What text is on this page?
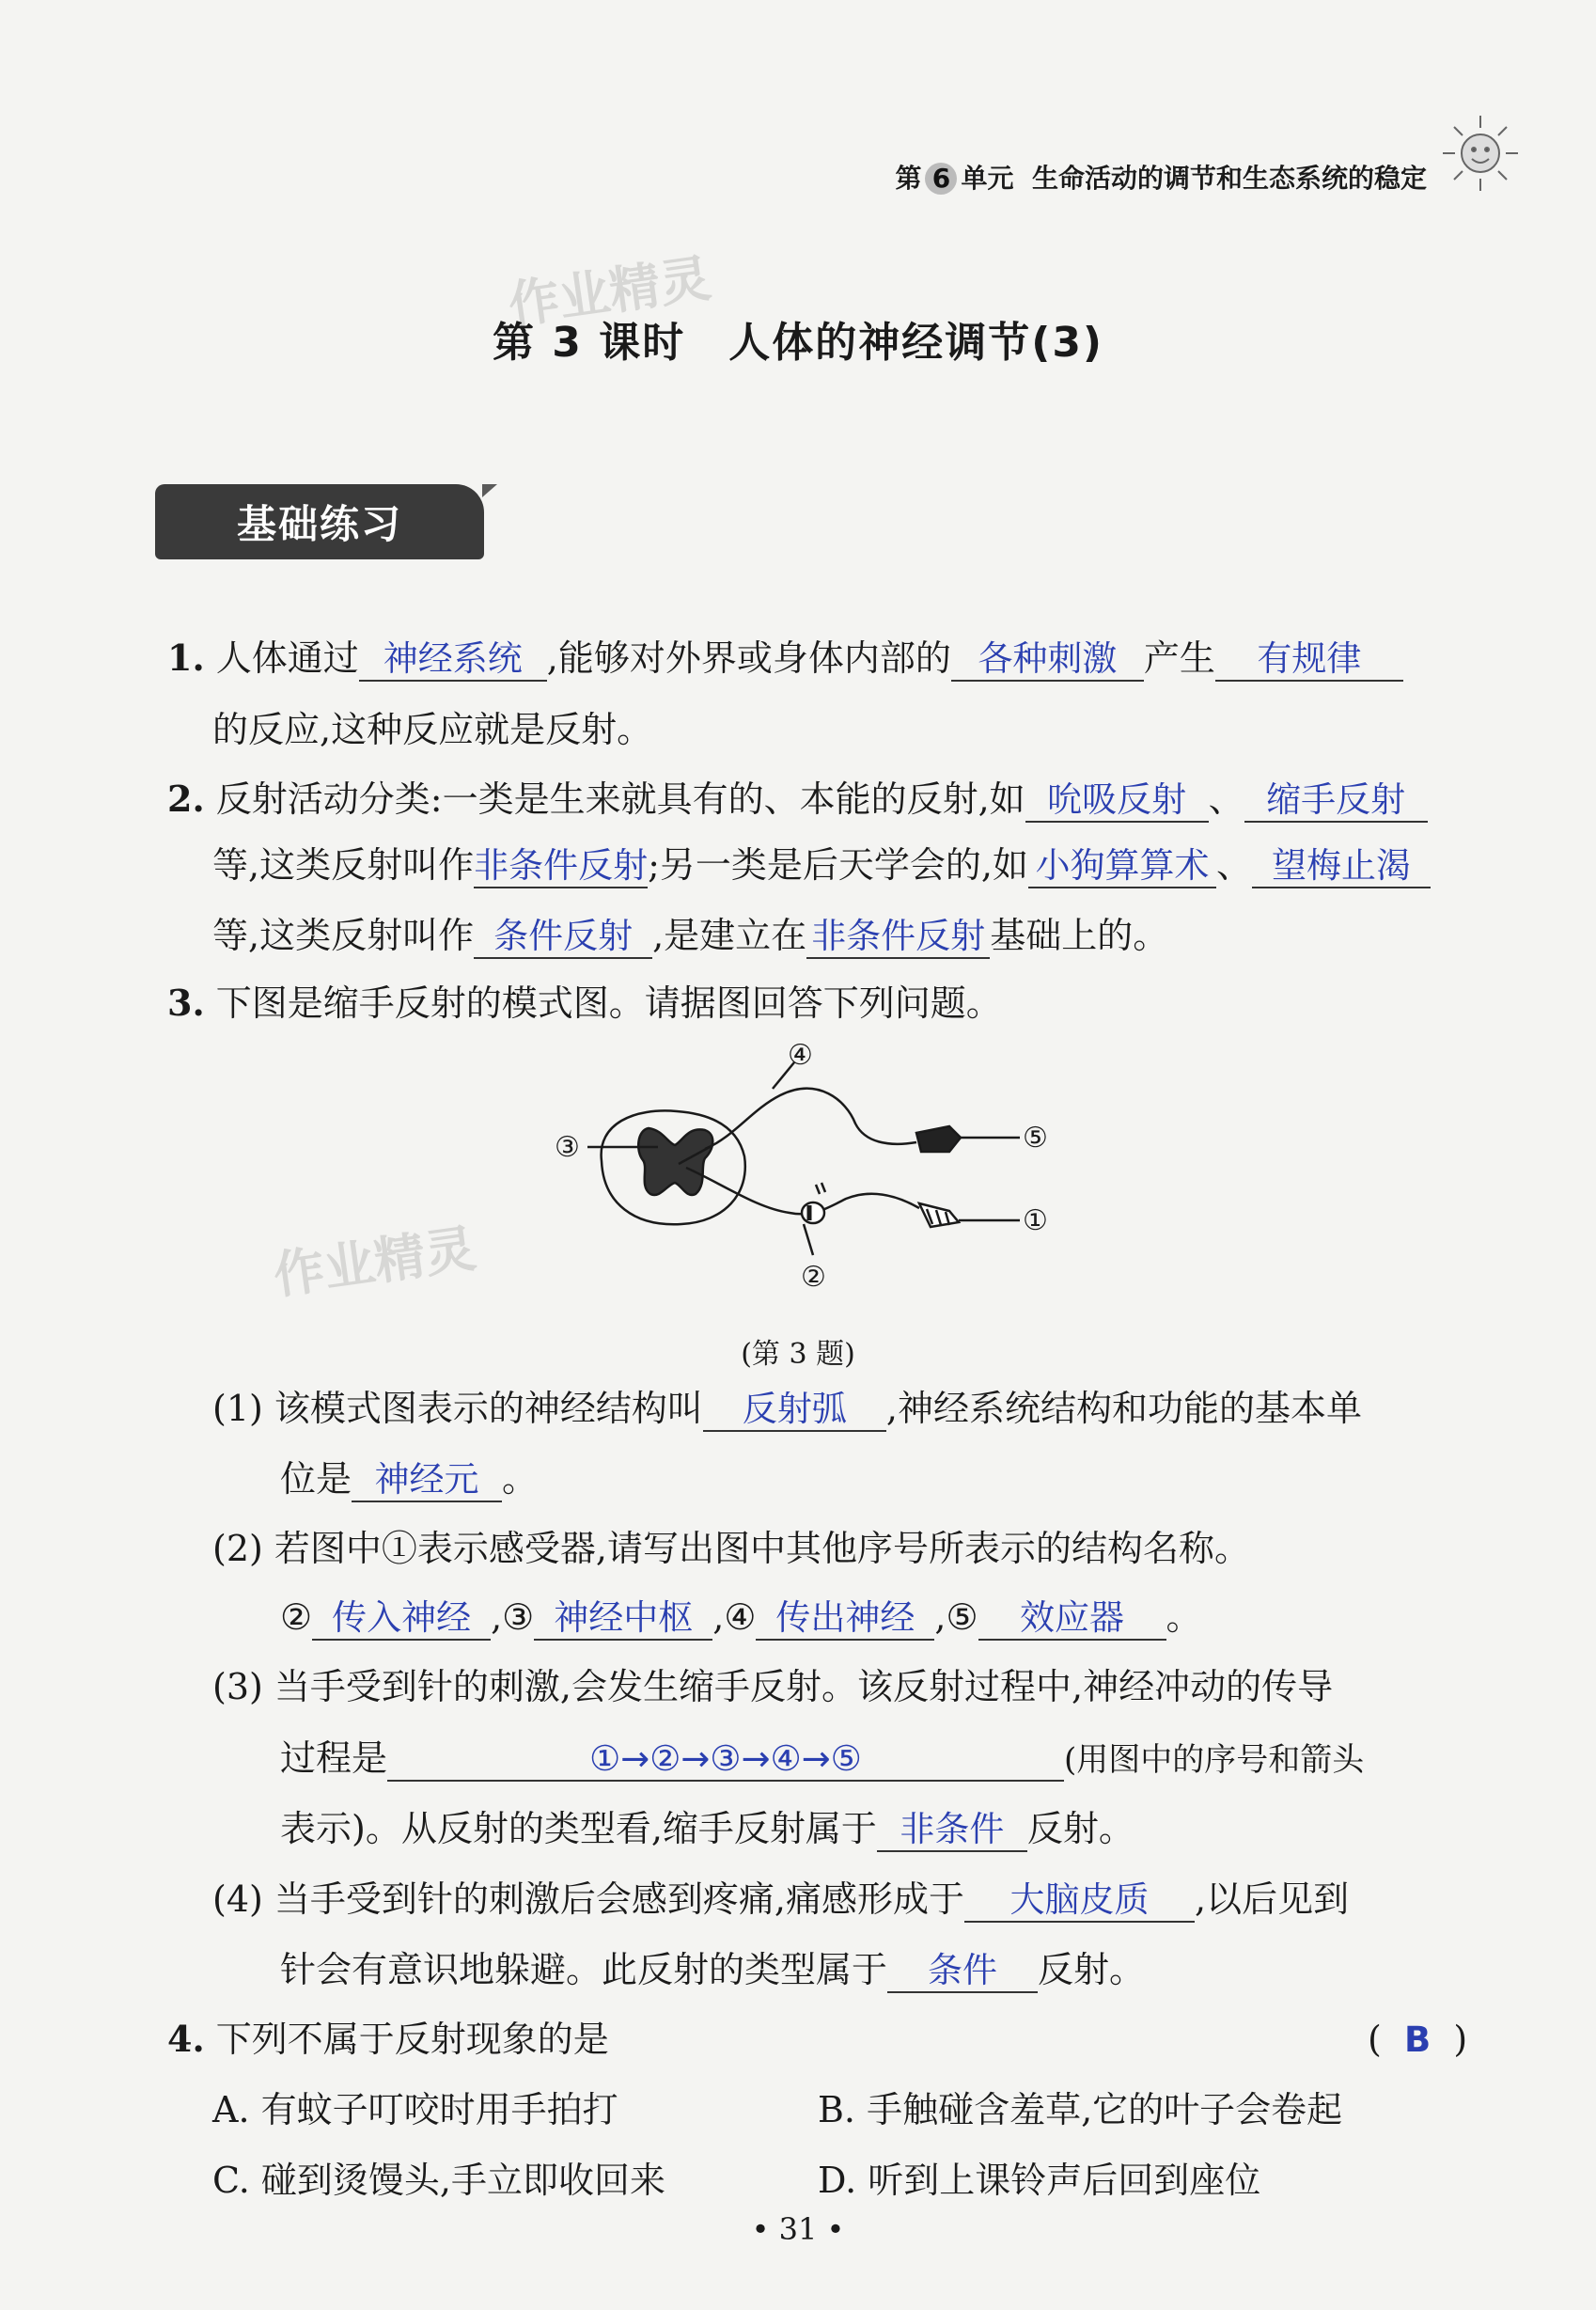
第 6 单元 生命活动的调节和生态系统的稳定
作业精灵
作业精灵
第 3 课时　人体的神经调节(3)
基础练习
1. 人体通过 神经系统 ,能够对外界或身体内部的 各种刺激 产生 有规律
的反应,这种反应就是反射。
2. 反射活动分类:一类是生来就具有的、本能的反射,如 吮吸反射 、 缩手反射
等,这类反射叫作非条件反射;另一类是后天学会的,如 小狗算算术 、 望梅止渴
等,这类反射叫作 条件反射 ,是建立在 非条件反射 基础上的。
3. 下图是缩手反射的模式图。请据图回答下列问题。
④
⑤
③
①
②
(第 3 题)
(1) 该模式图表示的神经结构叫 反射弧 ,神经系统结构和功能的基本单
位是 神经元 。
(2) 若图中①表示感受器,请写出图中其他序号所表示的结构名称。
② 传入神经 ,③ 神经中枢 ,④ 传出神经 ,⑤ 效应器 。
(3) 当手受到针的刺激,会发生缩手反射。该反射过程中,神经冲动的传导
过程是	①→②→③→④→⑤	(用图中的序号和箭头
表示)。从反射的类型看,缩手反射属于 非条件 反射。
(4) 当手受到针的刺激后会感到疼痛,痛感形成于 大脑皮质 ,以后见到
针会有意识地躲避。此反射的类型属于 条件 反射。
4. 下列不属于反射现象的是	( B )
A. 有蚊子叮咬时用手拍打	B. 手触碰含羞草,它的叶子会卷起
C. 碰到烫馒头,手立即收回来	D. 听到上课铃声后回到座位
• 31 •
